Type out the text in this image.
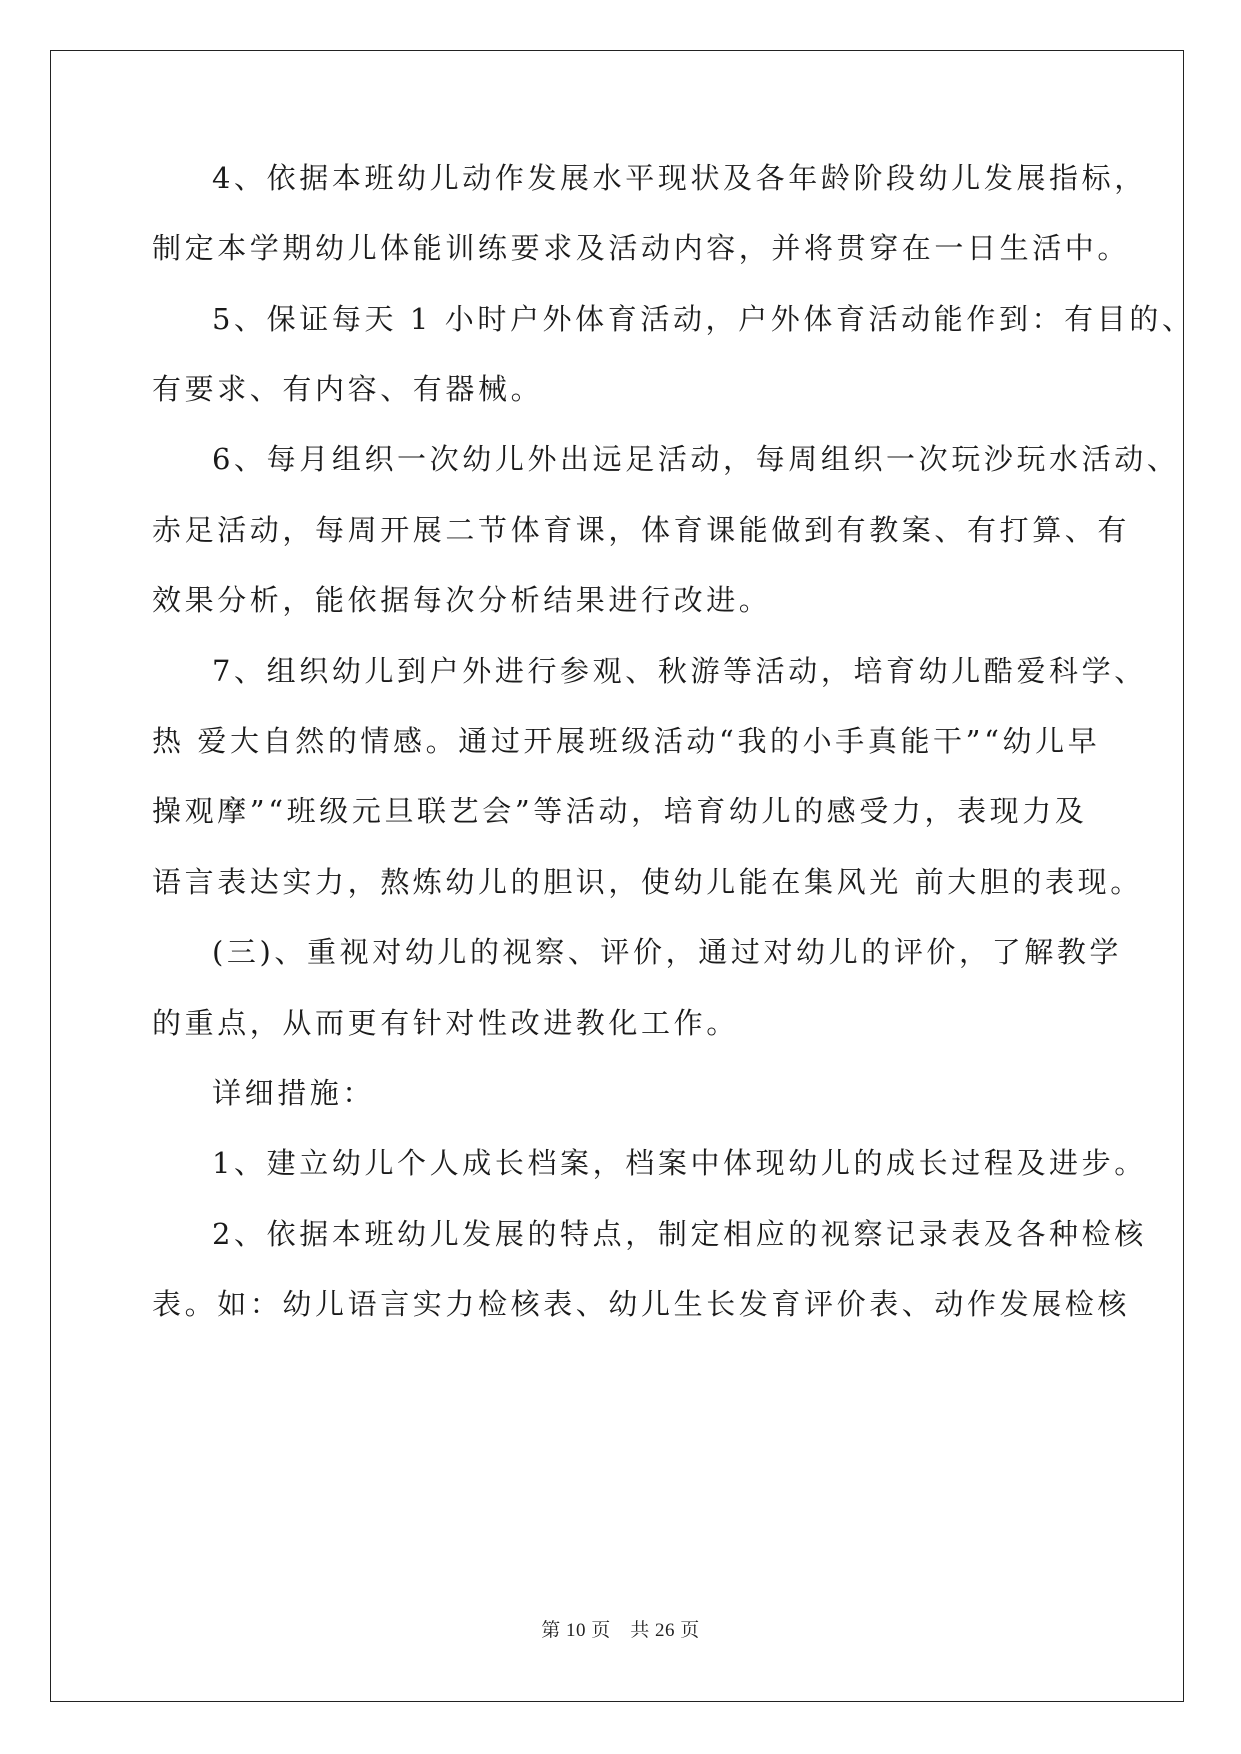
4、依据本班幼儿动作发展水平现状及各年龄阶段幼儿发展指标，
制定本学期幼儿体能训练要求及活动内容，并将贯穿在一日生活中。
5、保证每天 1 小时户外体育活动，户外体育活动能作到：有目的、
有要求、有内容、有器械。
6、每月组织一次幼儿外出远足活动，每周组织一次玩沙玩水活动、
赤足活动，每周开展二节体育课，体育课能做到有教案、有打算、有
效果分析，能依据每次分析结果进行改进。
7、组织幼儿到户外进行参观、秋游等活动，培育幼儿酷爱科学、
热 爱大自然的情感。通过开展班级活动“我的小手真能干”“幼儿早
操观摩”“班级元旦联艺会”等活动，培育幼儿的感受力，表现力及
语言表达实力，熬炼幼儿的胆识，使幼儿能在集风光 前大胆的表现。
(三)、重视对幼儿的视察、评价，通过对幼儿的评价，了解教学
的重点，从而更有针对性改进教化工作。
详细措施：
1、建立幼儿个人成长档案，档案中体现幼儿的成长过程及进步。
2、依据本班幼儿发展的特点，制定相应的视察记录表及各种检核
表。如：幼儿语言实力检核表、幼儿生长发育评价表、动作发展检核
第 10 页　共 26 页
